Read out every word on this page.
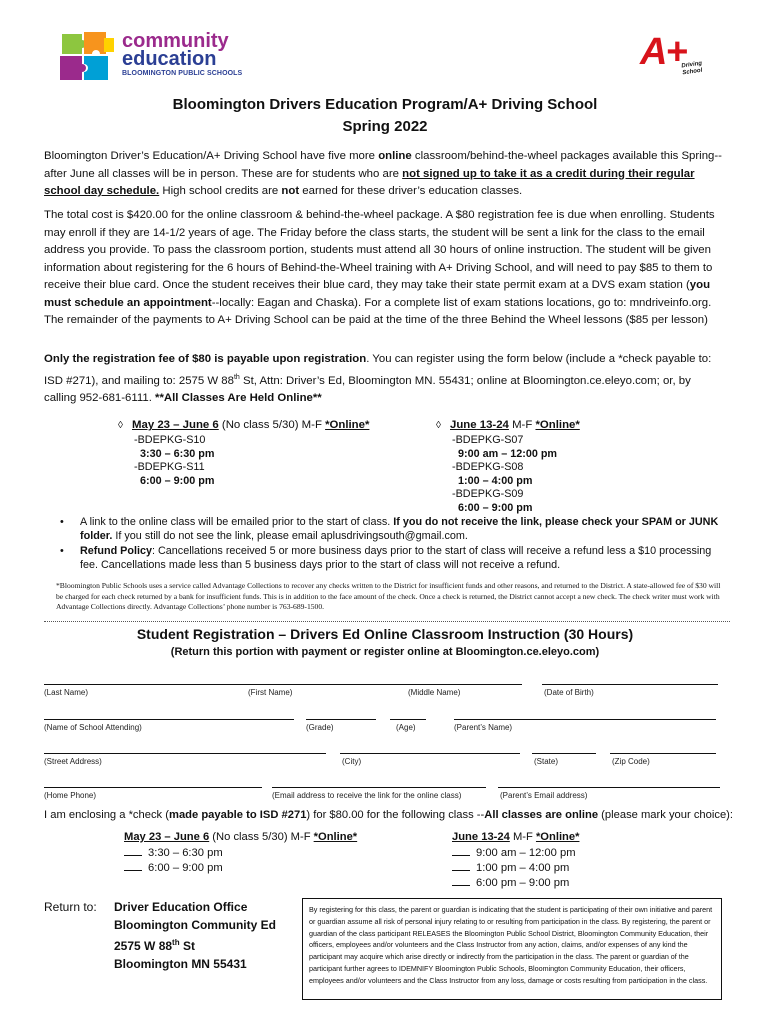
community
education
BLOOMINGTON PUBLIC SCHOOLS
A+
Driving
School
Bloomington Drivers Education Program/A+ Driving School
Spring 2022
Bloomington Driver’s Education/A+ Driving School have five more online classroom/behind-the-wheel packages available this Spring--after June all classes will be in person. These are for students who are not signed up to take it as a credit during their regular school day schedule. High school credits are not earned for these driver’s education classes.
The total cost is $420.00 for the online classroom & behind-the-wheel package. A $80 registration fee is due when enrolling. Students may enroll if they are 14-1/2 years of age. The Friday before the class starts, the student will be sent a link for the class to the email address you provide. To pass the classroom portion, students must attend all 30 hours of online instruction. The student will be given information about registering for the 6 hours of Behind-the-Wheel training with A+ Driving School, and will need to pay $85 to them to receive their blue card. Once the student receives their blue card, they may take their state permit exam at a DVS exam station (you must schedule an appointment--locally: Eagan and Chaska). For a complete list of exam stations locations, go to: mndriveinfo.org. The remainder of the payments to A+ Driving School can be paid at the time of the three Behind the Wheel lessons ($85 per lesson)
Only the registration fee of $80 is payable upon registration. You can register using the form below (include a *check payable to: ISD #271), and mailing to: 2575 W 88th St, Attn: Driver’s Ed, Bloomington MN. 55431; online at Bloomington.ce.eleyo.com; or, by calling 952-681-6111. **All Classes Are Held Online**
◊ May 23 – June 6 (No class 5/30) M-F *Online*
-BDEPKG-S10
3:30 – 6:30 pm
-BDEPKG-S11
6:00 – 9:00 pm
◊ June 13-24 M-F *Online*
-BDEPKG-S07
9:00 am – 12:00 pm
-BDEPKG-S08
1:00 – 4:00 pm
-BDEPKG-S09
6:00 – 9:00 pm
• A link to the online class will be emailed prior to the start of class. If you do not receive the link, please check your SPAM or JUNK folder. If you still do not see the link, please email aplusdrivingsouth@gmail.com.
• Refund Policy: Cancellations received 5 or more business days prior to the start of class will receive a refund less a $10 processing fee. Cancellations made less than 5 business days prior to the start of class will not receive a refund.
*Bloomington Public Schools uses a service called Advantage Collections to recover any checks written to the District for insufficient funds and other reasons, and returned to the District. A state-allowed fee of $30 will be charged for each check returned by a bank for insufficient funds. This is in addition to the face amount of the check. Once a check is returned, the District cannot accept a new check. The check writer must work with Advantage Collections directly. Advantage Collections’ phone number is 763-689-1500.
Student Registration – Drivers Ed Online Classroom Instruction (30 Hours)
(Return this portion with payment or register online at Bloomington.ce.eleyo.com)
(Last Name)	(First Name)	(Middle Name)	(Date of Birth)
(Name of School Attending)	(Grade)	(Age)	(Parent’s Name)
(Street Address)	(City)	(State)	(Zip Code)
(Home Phone)	(Email address to receive the link for the online class)	(Parent’s Email address)
I am enclosing a *check (made payable to ISD #271) for $80.00 for the following class --All classes are online (please mark your choice):
May 23 – June 6 (No class 5/30) M-F *Online*
3:30 – 6:30 pm
6:00 – 9:00 pm
June 13-24 M-F *Online*
9:00 am – 12:00 pm
1:00 pm – 4:00 pm
6:00 pm – 9:00 pm
Return to: Driver Education Office
Bloomington Community Ed
2575 W 88th St
Bloomington MN 55431
By registering for this class, the parent or guardian is indicating that the student is participating of their own initiative and parent or guardian assume all risk of personal injury relating to or resulting from participation in the class. By registering, the parent or guardian of the class participant RELEASES the Bloomington Public School District, Bloomington Community Education, their officers, employees and/or volunteers and the Class Instructor from any action, claims, and/or expenses of any kind the participant may acquire which arise directly or indirectly from the participation in the class. The parent or guardian of the participant further agrees to IDEMNIFY Bloomington Public Schools, Bloomington Community Education, their officers, employees and/or volunteers and the Class Instructor from any loss, damage or costs resulting from participation in the class.
